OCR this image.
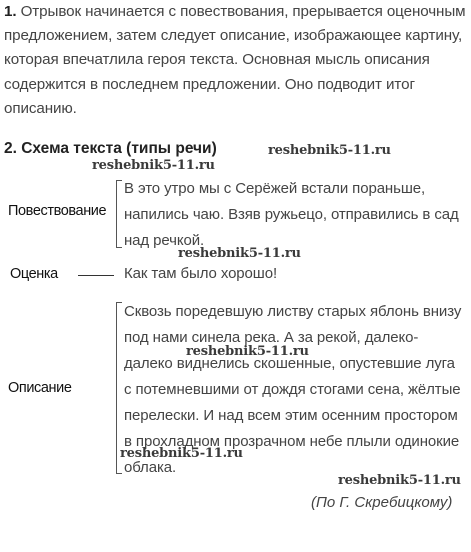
1. Отрывок начинается с повествования, прерывается оценочным предложением, затем следует описание, изображающее картину, которая впечатлила героя текста. Основная мысль описания содержится в последнем предложении. Оно подводит итог описанию.
2. Схема текста (типы речи)	reshebnik5-11.ru
reshebnik5-11.ru
reshebnik5-11.ru
reshebnik5-11.ru
reshebnik5-11.ru
reshebnik5-11.ru
Повествование
В это утро мы с Серёжей встали пораньше, напились чаю. Взяв ружьецо, отправились в сад над речкой.
Оценка	Как там было хорошо!
Описание
Сквозь поредевшую листву старых яблонь внизу под нами синела река. А за рекой, далеко-далеко виднелись скошенные, опустевшие луга с потемневшими от дождя стогами сена, жёлтые перелески. И над всем этим осенним простором в прохладном прозрачном небе плыли одинокие облака.
(По Г. Скребицкому)
